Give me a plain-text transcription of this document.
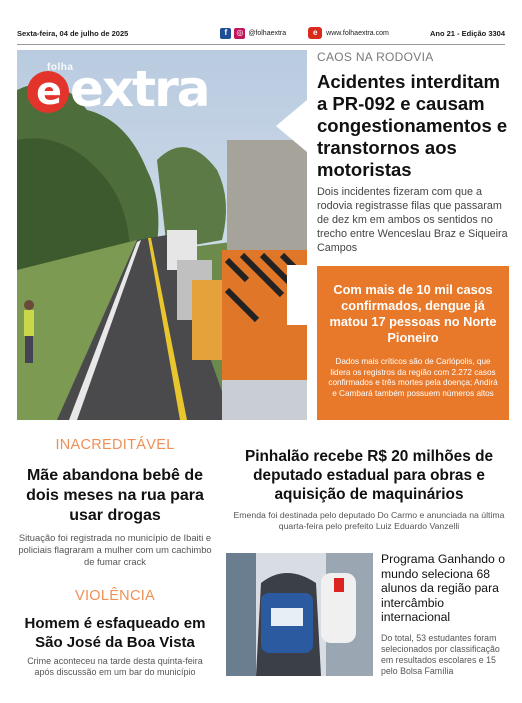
Sexta-feira, 04 de julho de 2025	f	◎ @folhaextra	e	www.folhaextra.com	Ano 21 - Edição 3304
folha
e extra
CAOS NA RODOVIA
Acidentes interditam a PR-092 e causam congestionamentos e transtornos aos motoristas
Dois incidentes fizeram com que a rodovia registrasse filas que passaram de dez km em ambos os sentidos no trecho entre Wenceslau Braz e Siqueira Campos
Com mais de 10 mil casos confirmados, dengue já matou 17 pessoas no Norte Pioneiro
Dados mais críticos são de Carlópolis, que lidera os registros da região com 2.272 casos confirmados e três mortes pela doença; Andirá e Cambará também possuem números altos
INACREDITÁVEL
Mãe abandona bebê de dois meses na rua para usar drogas
Situação foi registrada no município de Ibaiti e policiais flagraram a mulher com um cachimbo de fumar crack
VIOLÊNCIA
Homem é esfaqueado em São José da Boa Vista
Crime aconteceu na tarde desta quinta-feira após discussão em um bar do município
Pinhalão recebe R$ 20 milhões de deputado estadual para obras e aquisição de maquinários
Emenda foi destinada pelo deputado Do Carmo e anunciada na última quarta-feira pelo prefeito Luiz Eduardo Vanzelli
Programa Ganhando o mundo seleciona 68 alunos da região para intercâmbio internacional
Do total, 53 estudantes foram selecionados por classificação em resultados escolares e 15 pelo Bolsa Família
